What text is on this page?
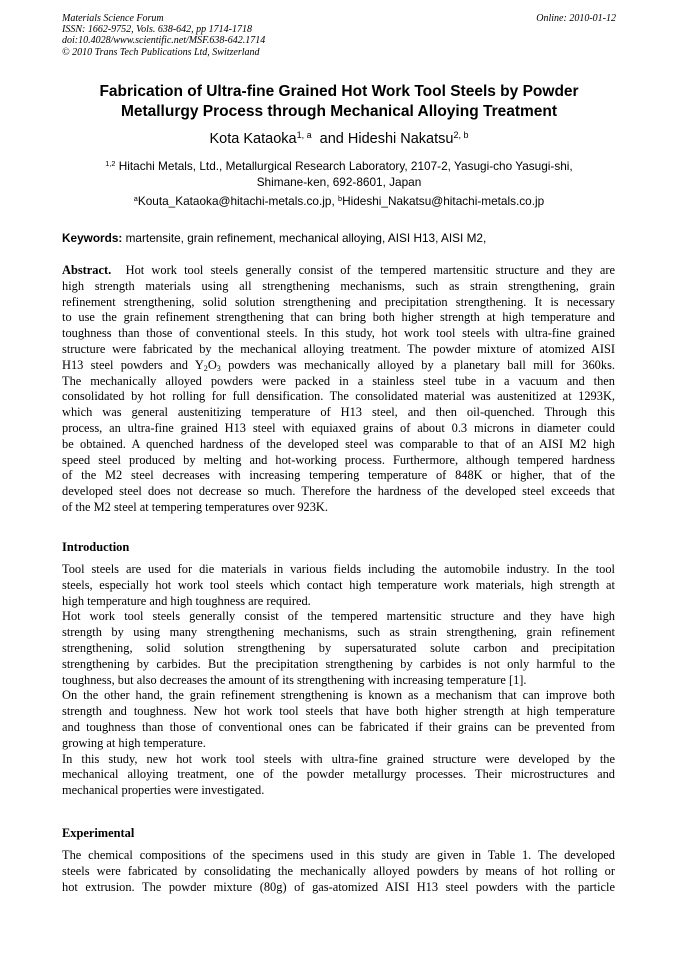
Materials Science Forum
ISSN: 1662-9752, Vols. 638-642, pp 1714-1718
doi:10.4028/www.scientific.net/MSF.638-642.1714
© 2010 Trans Tech Publications Ltd, Switzerland
Online: 2010-01-12
Fabrication of Ultra-fine Grained Hot Work Tool Steels by Powder
Metallurgy Process through Mechanical Alloying Treatment
Kota Kataoka$^{1, a}$ and Hideshi Nakatsu$^{2, b}$
$^{1,2}$ Hitachi Metals, Ltd., Metallurgical Research Laboratory, 2107-2, Yasugi-cho Yasugi-shi,
Shimane-ken, 692-8601, Japan
$^a$Kouta_Kataoka@hitachi-metals.co.jp, $^b$Hideshi_Nakatsu@hitachi-metals.co.jp
Keywords: martensite, grain refinement, mechanical alloying, AISI H13, AISI M2,
Abstract. Hot work tool steels generally consist of the tempered martensitic structure and they are
high strength materials using all strengthening mechanisms, such as strain strengthening, grain
refinement strengthening, solid solution strengthening and precipitation strengthening. It is necessary
to use the grain refinement strengthening that can bring both higher strength at high temperature and
toughness than those of conventional steels. In this study, hot work tool steels with ultra-fine grained
structure were fabricated by the mechanical alloying treatment. The powder mixture of atomized AISI
H13 steel powders and $Y_2O_3$ powders was mechanically alloyed by a planetary ball mill for 360ks.
The mechanically alloyed powders were packed in a stainless steel tube in a vacuum and then
consolidated by hot rolling for full densification. The consolidated material was austenitized at 1293K,
which was general austenitizing temperature of H13 steel, and then oil-quenched. Through this
process, an ultra-fine grained H13 steel with equiaxed grains of about 0.3 microns in diameter could
be obtained. A quenched hardness of the developed steel was comparable to that of an AISI M2 high
speed steel produced by melting and hot-working process. Furthermore, although tempered hardness
of the M2 steel decreases with increasing tempering temperature of 848K or higher, that of the
developed steel does not decrease so much. Therefore the hardness of the developed steel exceeds that
of the M2 steel at tempering temperatures over 923K.
Introduction
Tool steels are used for die materials in various fields including the automobile industry. In the tool
steels, especially hot work tool steels which contact high temperature work materials, high strength at
high temperature and high toughness are required.
Hot work tool steels generally consist of the tempered martensitic structure and they have high
strength by using many strengthening mechanisms, such as strain strengthening, grain refinement
strengthening, solid solution strengthening by supersaturated solute carbon and precipitation
strengthening by carbides. But the precipitation strengthening by carbides is not only harmful to the
toughness, but also decreases the amount of its strengthening with increasing temperature [1].
On the other hand, the grain refinement strengthening is known as a mechanism that can improve both
strength and toughness. New hot work tool steels that have both higher strength at high temperature
and toughness than those of conventional ones can be fabricated if their grains can be prevented from
growing at high temperature.
In this study, new hot work tool steels with ultra-fine grained structure were developed by the
mechanical alloying treatment, one of the powder metallurgy processes. Their microstructures and
mechanical properties were investigated.
Experimental
The chemical compositions of the specimens used in this study are given in Table 1. The developed
steels were fabricated by consolidating the mechanically alloyed powders by means of hot rolling or
hot extrusion. The powder mixture (80g) of gas-atomized AISI H13 steel powders with the particle
